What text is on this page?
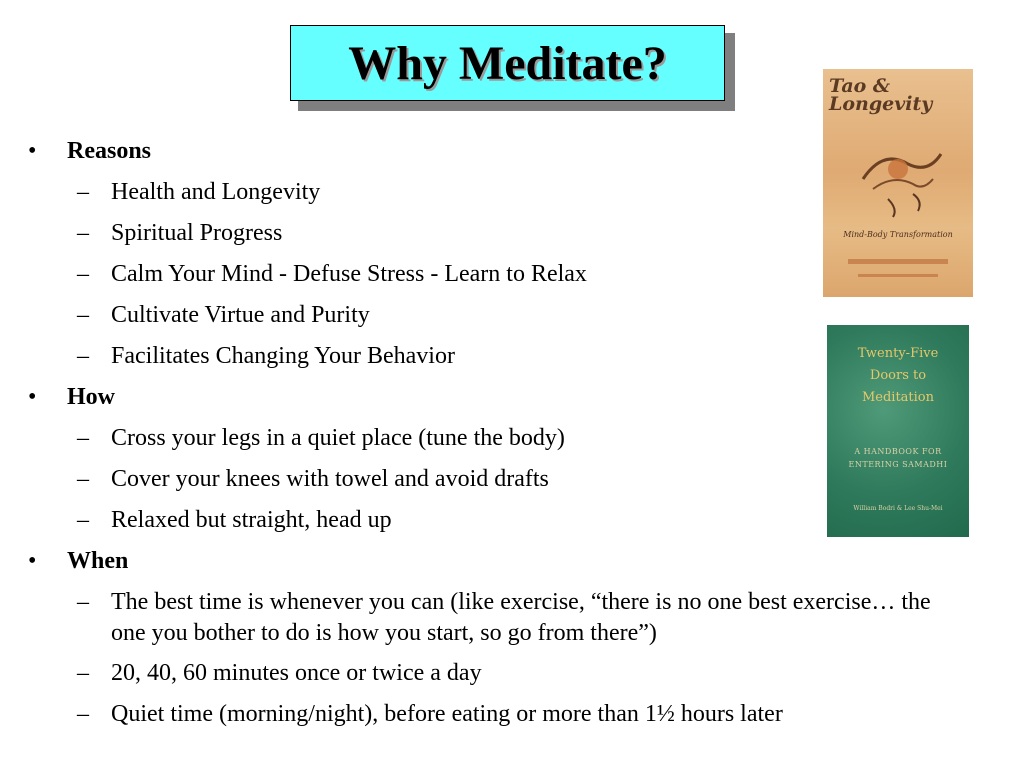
Why Meditate?
• Reasons
– Health and Longevity
– Spiritual Progress
– Calm Your Mind - Defuse Stress - Learn to Relax
– Cultivate Virtue and Purity
– Facilitates Changing Your Behavior
• How
– Cross your legs in a quiet place (tune the body)
– Cover your knees with towel and avoid drafts
– Relaxed but straight, head up
• When
– The best time is whenever you can (like exercise, “there is no one best exercise… the one you bother to do is how you start, so go from there”)
– 20, 40, 60 minutes once or twice a day
– Quiet time (morning/night), before eating or more than 1½ hours later
Tao &
Longevity
Mind-Body Transformation
Twenty-Five
Doors to
Meditation
A HANDBOOK FOR
ENTERING SAMADHI
William Bodri & Lee Shu-Mei
